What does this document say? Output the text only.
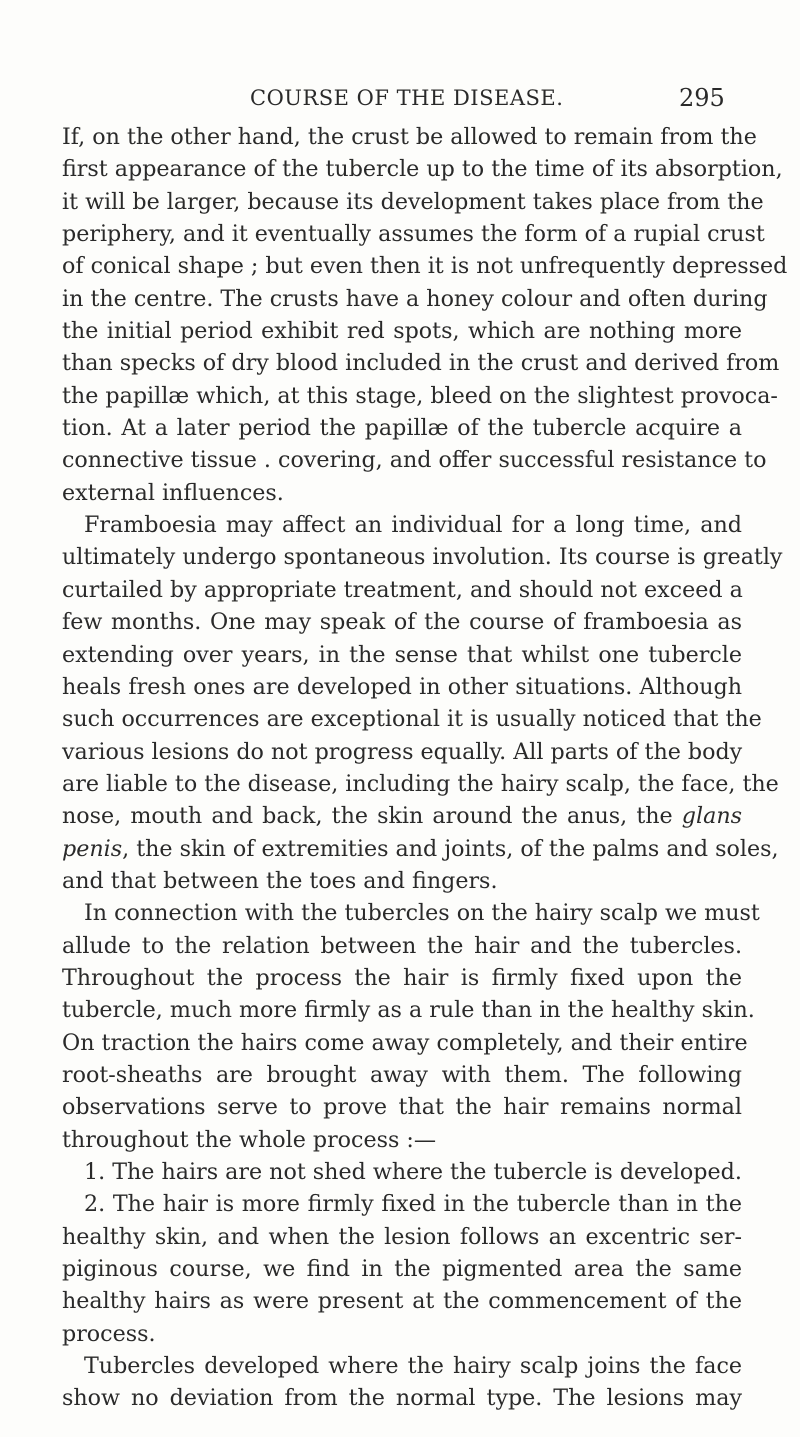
COURSE OF THE DISEASE.	295
If, on the other hand, the crust be allowed to remain from the
first appearance of the tubercle up to the time of its absorption,
it will be larger, because its development takes place from the
periphery, and it eventually assumes the form of a rupial crust
of conical shape ; but even then it is not unfrequently depressed
in the centre. The crusts have a honey colour and often during
the initial period exhibit red spots, which are nothing more
than specks of dry blood included in the crust and derived from
the papillæ which, at this stage, bleed on the slightest provoca-
tion. At a later period the papillæ of the tubercle acquire a
connective tissue . covering, and offer successful resistance to
external influences.
Framboesia may affect an individual for a long time, and
ultimately undergo spontaneous involution. Its course is greatly
curtailed by appropriate treatment, and should not exceed a
few months. One may speak of the course of framboesia as
extending over years, in the sense that whilst one tubercle
heals fresh ones are developed in other situations. Although
such occurrences are exceptional it is usually noticed that the
various lesions do not progress equally. All parts of the body
are liable to the disease, including the hairy scalp, the face, the
nose, mouth and back, the skin around the anus, the glans
penis, the skin of extremities and joints, of the palms and soles,
and that between the toes and fingers.
In connection with the tubercles on the hairy scalp we must
allude to the relation between the hair and the tubercles.
Throughout the process the hair is firmly fixed upon the
tubercle, much more firmly as a rule than in the healthy skin.
On traction the hairs come away completely, and their entire
root-sheaths are brought away with them. The following
observations serve to prove that the hair remains normal
throughout the whole process :—
1. The hairs are not shed where the tubercle is developed.
2. The hair is more firmly fixed in the tubercle than in the
healthy skin, and when the lesion follows an excentric ser-
piginous course, we find in the pigmented area the same
healthy hairs as were present at the commencement of the
process.
Tubercles developed where the hairy scalp joins the face
show no deviation from the normal type. The lesions may
